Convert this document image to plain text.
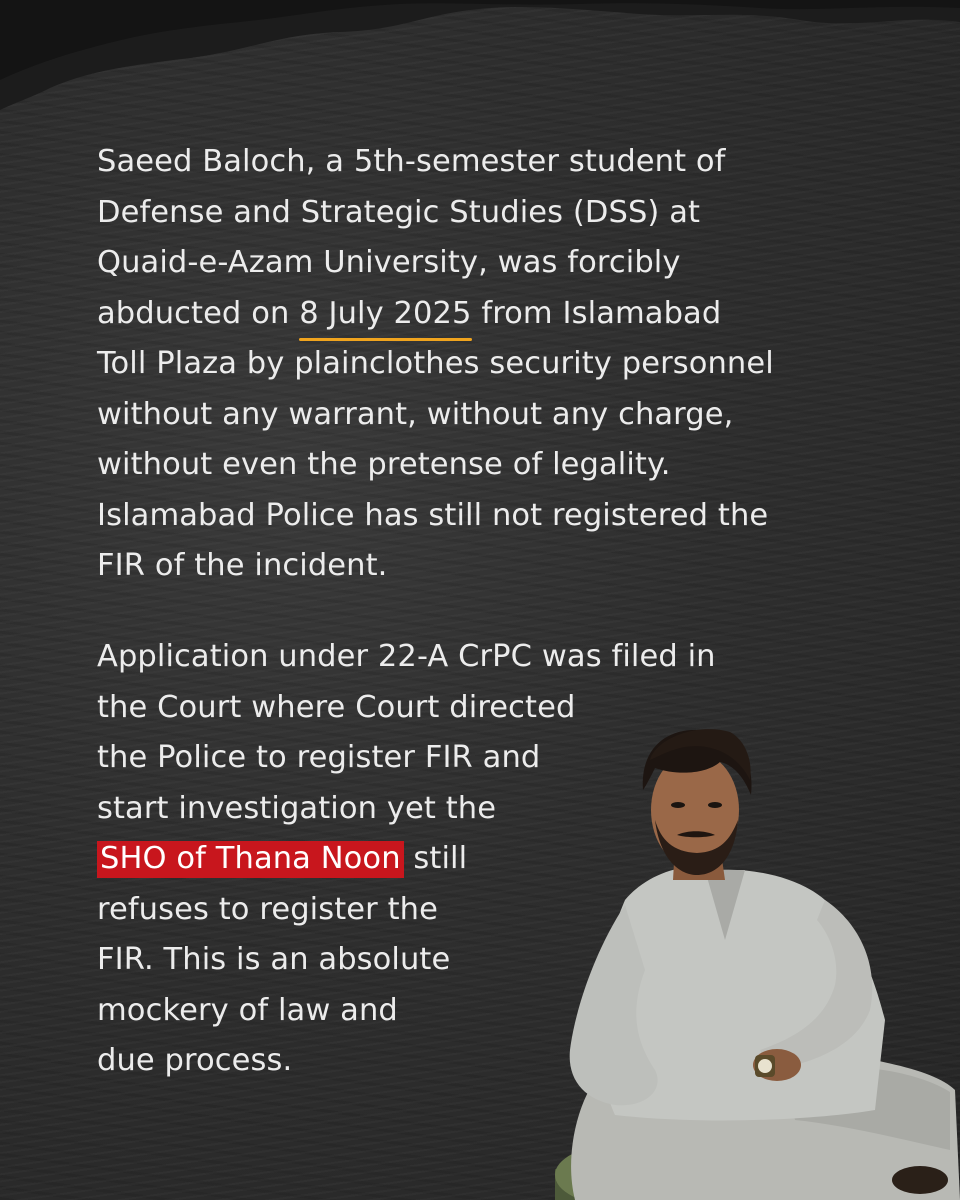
Saeed Baloch, a 5th-semester student of
Defense and Strategic Studies (DSS) at
Quaid-e-Azam University, was forcibly
abducted on 8 July 2025 from Islamabad
Toll Plaza by plainclothes security personnel
without any warrant, without any charge,
without even the pretense of legality.
Islamabad Police has still not registered the
FIR of the incident.
Application under 22-A CrPC was filed in
the Court where Court directed
the Police to register FIR and
start investigation yet the
SHO of Thana Noon still
refuses to register the
FIR. This is an absolute
mockery of law and
due process.
